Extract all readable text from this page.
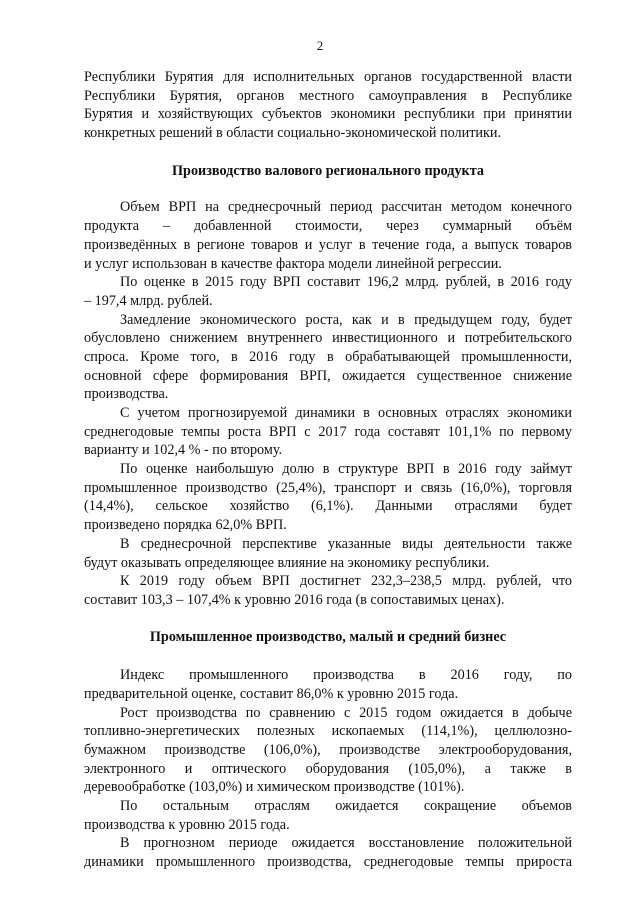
2
Республики Бурятия для исполнительных органов государственной власти
Республики Бурятия, органов местного самоуправления в Республике
Бурятия и хозяйствующих субъектов экономики республики при принятии
конкретных решений в области социально-экономической политики.
Производство валового регионального продукта
Объем ВРП на среднесрочный период рассчитан методом конечного
продукта – добавленной стоимости, через суммарный объём
произведённых в регионе товаров и услуг в течение года, а выпуск товаров
и услуг использован в качестве фактора модели линейной регрессии.
По оценке в 2015 году ВРП составит 196,2 млрд. рублей, в 2016 году
– 197,4 млрд. рублей.
Замедление экономического роста, как и в предыдущем году, будет
обусловлено снижением внутреннего инвестиционного и потребительского
спроса. Кроме того, в 2016 году в обрабатывающей промышленности,
основной сфере формирования ВРП, ожидается существенное снижение
производства.
С учетом прогнозируемой динамики в основных отраслях экономики
среднегодовые темпы роста ВРП с 2017 года составят 101,1% по первому
варианту и 102,4 % - по второму.
По оценке наибольшую долю в структуре ВРП в 2016 году займут
промышленное производство (25,4%), транспорт и связь (16,0%), торговля
(14,4%), сельское хозяйство (6,1%). Данными отраслями будет
произведено порядка 62,0% ВРП.
В среднесрочной перспективе указанные виды деятельности также
будут оказывать определяющее влияние на экономику республики.
К 2019 году объем ВРП достигнет 232,3–238,5 млрд. рублей, что
составит 103,3 – 107,4% к уровню 2016 года (в сопоставимых ценах).
Промышленное производство, малый и средний бизнес
Индекс промышленного производства в 2016 году, по
предварительной оценке, составит 86,0% к уровню 2015 года.
Рост производства по сравнению с 2015 годом ожидается в добыче
топливно-энергетических полезных ископаемых (114,1%), целлюлозно-
бумажном производстве (106,0%), производстве электрооборудования,
электронного и оптического оборудования (105,0%), а также в
деревообработке (103,0%) и химическом производстве (101%).
По остальным отраслям ожидается сокращение объемов
производства к уровню 2015 года.
В прогнозном периоде ожидается восстановление положительной
динамики промышленного производства, среднегодовые темпы прироста
